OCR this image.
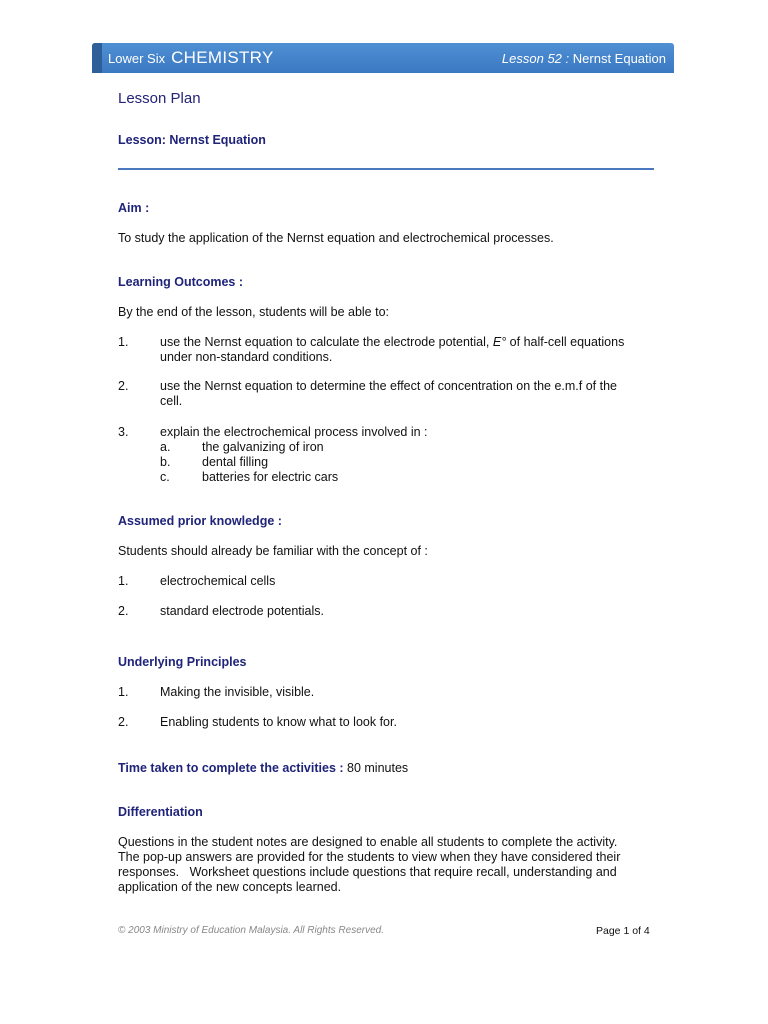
Lower Six CHEMISTRY	Lesson 52 : Nernst Equation
Lesson Plan
Lesson: Nernst Equation
Aim :
To study the application of the Nernst equation and electrochemical processes.
Learning Outcomes :
By the end of the lesson, students will be able to:
1.	use the Nernst equation to calculate the electrode potential, E° of half-cell equations
under non-standard conditions.
2.	use the Nernst equation to determine the effect of concentration on the e.m.f of the
cell.
3.	explain the electrochemical process involved in :
a.	the galvanizing of iron
b.	dental filling
c.	batteries for electric cars
Assumed prior knowledge :
Students should already be familiar with the concept of :
1.	electrochemical cells
2.	standard electrode potentials.
Underlying Principles
1.	Making the invisible, visible.
2.	Enabling students to know what to look for.
Time taken to complete the activities : 80 minutes
Differentiation
Questions in the student notes are designed to enable all students to complete the activity.
The pop-up answers are provided for the students to view when they have considered their
responses.   Worksheet questions include questions that require recall, understanding and
application of the new concepts learned.
© 2003 Ministry of Education Malaysia. All Rights Reserved.	Page 1 of 4
